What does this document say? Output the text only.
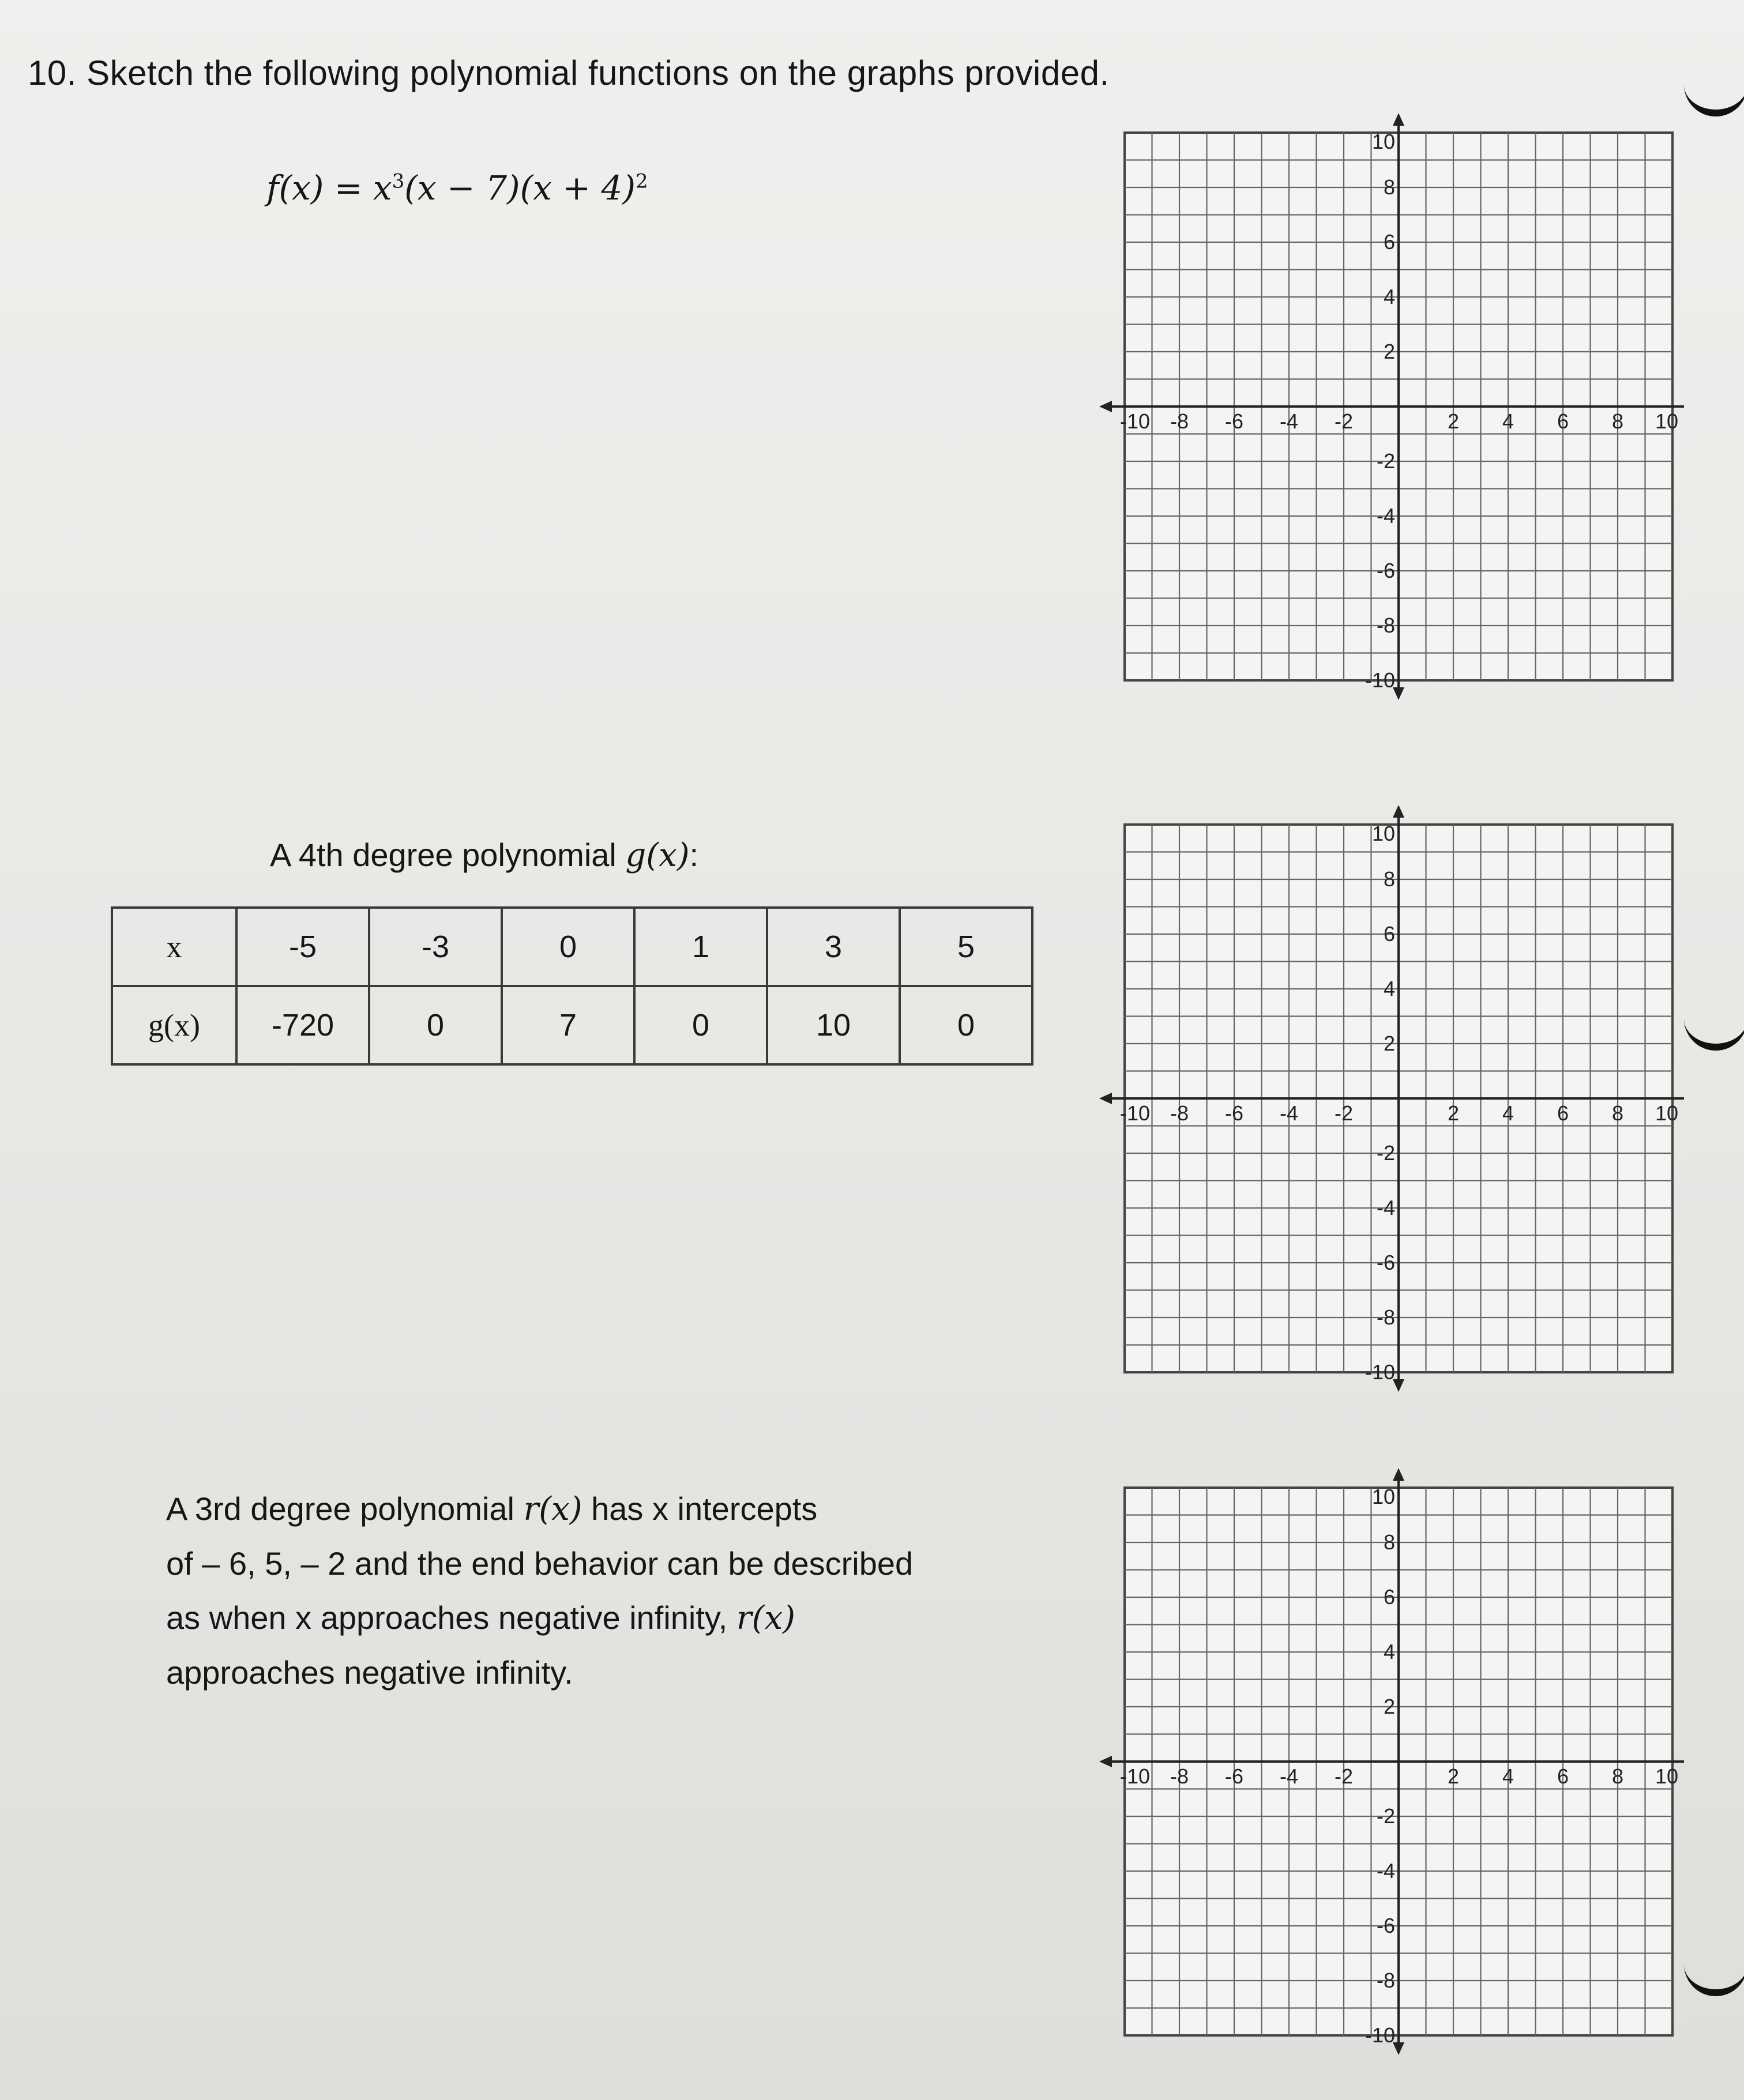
10. Sketch the following polynomial functions on the graphs provided.
$f(x) = x^3(x - 7)(x + 4)^2$
A 4th degree polynomial g(x):
x	-5	-3	0	1	3	5
g(x)	-720	0	7	0	10	0
A 3rd degree polynomial r(x) has x intercepts
of – 6, 5, – 2 and the end behavior can be described
as when x approaches negative infinity, r(x)
approaches negative infinity.
-10 -8 -6 -4 -2	2 4 6 8 10
10
8
6
4
2
-2
-4
-6
-8
-10
-10 -8 -6 -4 -2	2 4 6 8 10
10
8
6
4
2
-2
-4
-6
-8
-10
-10 -8 -6 -4 -2	2 4 6 8 10
10
8
6
4
2
-2
-4
-6
-8
-10
